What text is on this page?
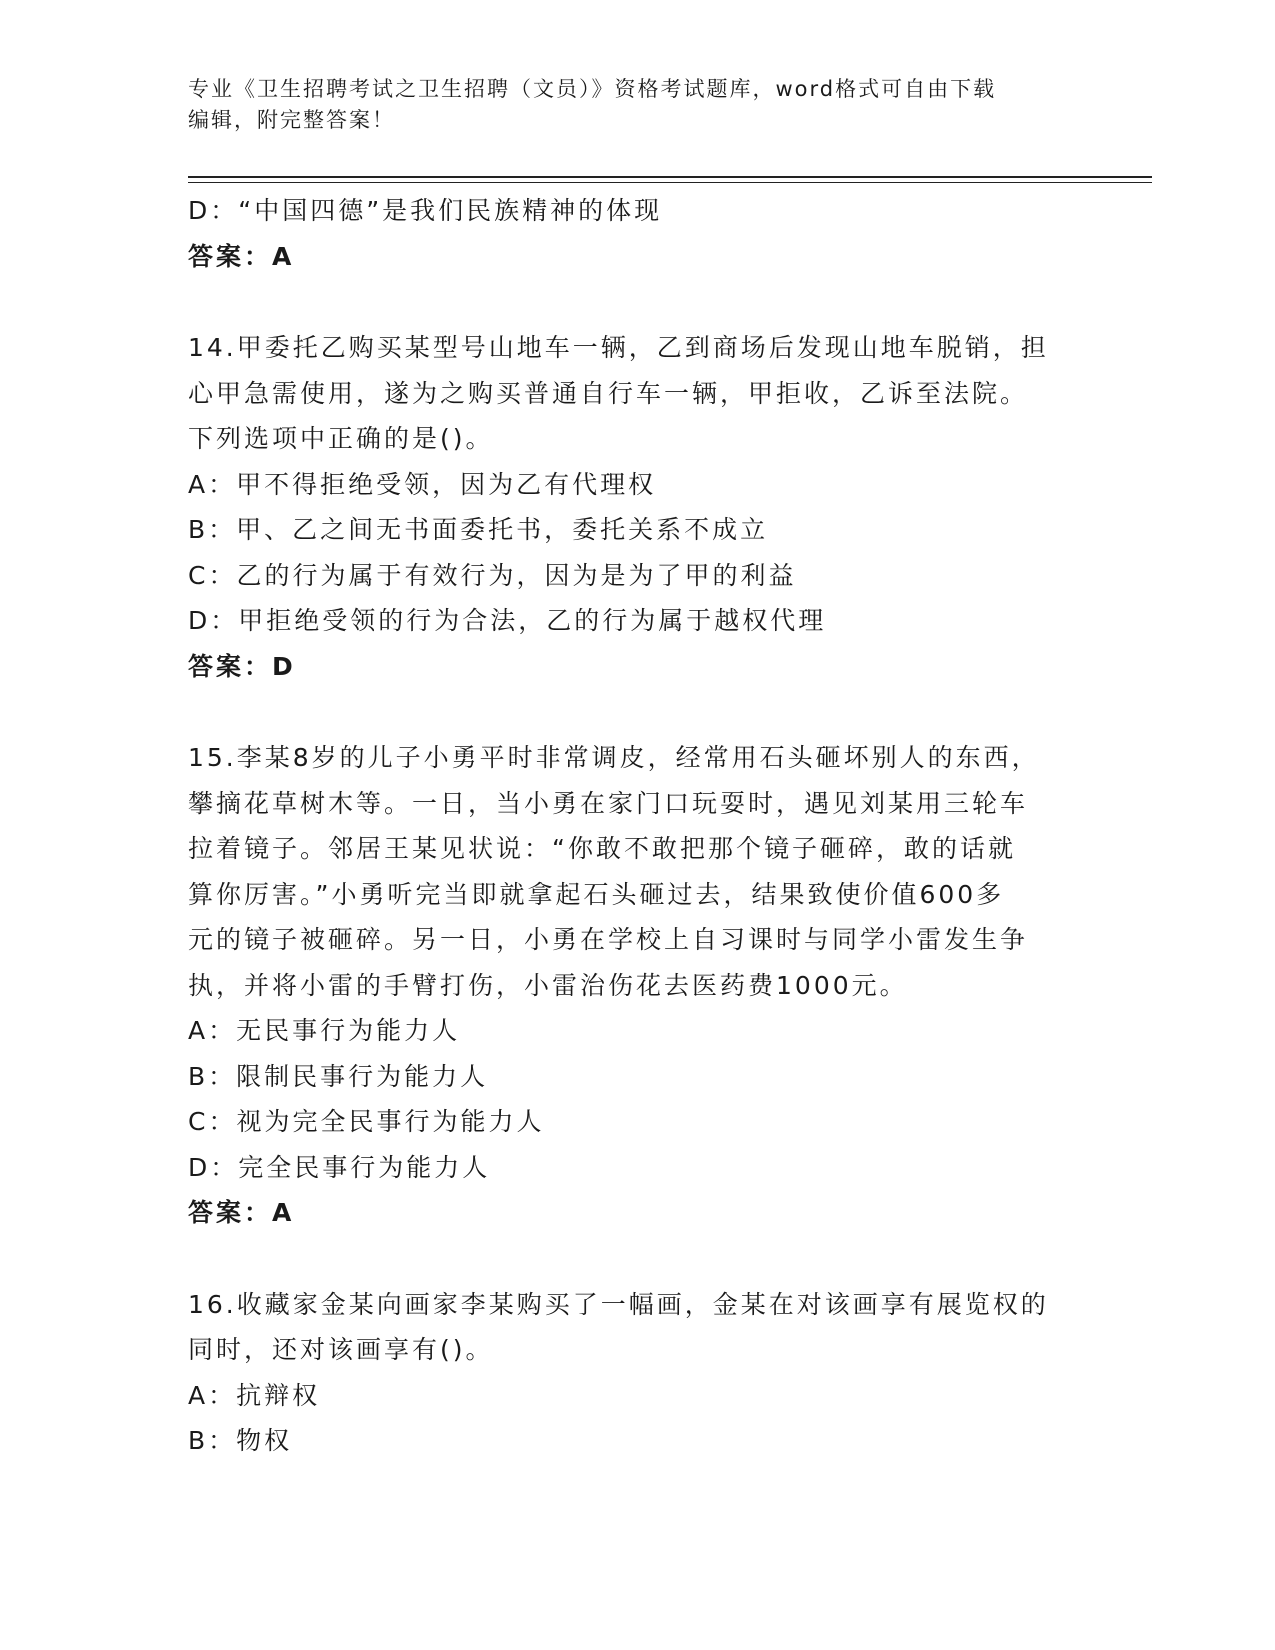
专业《卫生招聘考试之卫生招聘（文员）》资格考试题库，word格式可自由下载
编辑，附完整答案！
D：“中国四德”是我们民族精神的体现
答案：A
14.甲委托乙购买某型号山地车一辆，乙到商场后发现山地车脱销，担
心甲急需使用，遂为之购买普通自行车一辆，甲拒收，乙诉至法院。
下列选项中正确的是()。
A：甲不得拒绝受领，因为乙有代理权
B：甲、乙之间无书面委托书，委托关系不成立
C：乙的行为属于有效行为，因为是为了甲的利益
D：甲拒绝受领的行为合法，乙的行为属于越权代理
答案：D
15.李某8岁的儿子小勇平时非常调皮，经常用石头砸坏别人的东西，
攀摘花草树木等。一日，当小勇在家门口玩耍时，遇见刘某用三轮车
拉着镜子。邻居王某见状说：“你敢不敢把那个镜子砸碎，敢的话就
算你厉害。”小勇听完当即就拿起石头砸过去，结果致使价值600多
元的镜子被砸碎。另一日，小勇在学校上自习课时与同学小雷发生争
执，并将小雷的手臂打伤，小雷治伤花去医药费1000元。
A：无民事行为能力人
B：限制民事行为能力人
C：视为完全民事行为能力人
D：完全民事行为能力人
答案：A
16.收藏家金某向画家李某购买了一幅画，金某在对该画享有展览权的
同时，还对该画享有()。
A：抗辩权
B：物权
